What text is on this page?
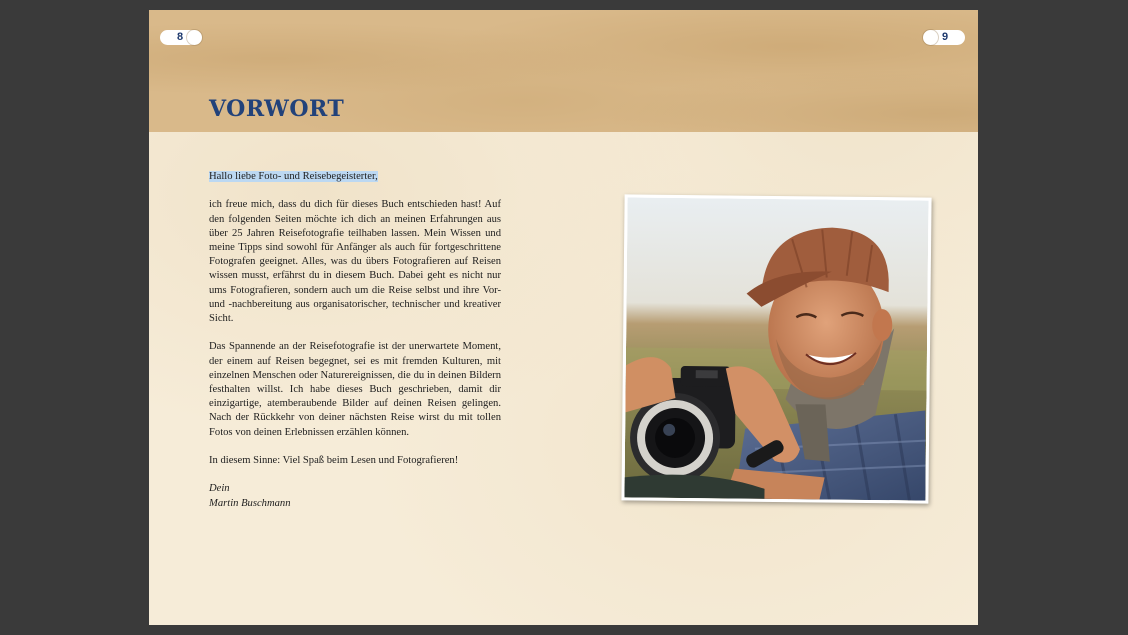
8	9
VORWORT

Hallo liebe Foto- und Reisebegeisterter,

ich freue mich, dass du dich für dieses Buch entschieden hast! Auf den folgenden Seiten möchte ich dich an meinen Erfahrungen aus über 25 Jahren Reisefotografie teilhaben lassen. Mein Wissen und meine Tipps sind sowohl für Anfänger als auch für fortgeschrittene Fotografen geeignet. Alles, was du übers Fotografieren auf Reisen wissen musst, erfährst du in diesem Buch. Dabei geht es nicht nur ums Fotografieren, sondern auch um die Reise selbst und ihre Vor- und -nachbereitung aus organisatorischer, technischer und kreativer Sicht.

Das Spannende an der Reisefotografie ist der unerwartete Moment, der einem auf Reisen begegnet, sei es mit fremden Kulturen, mit einzelnen Menschen oder Naturereignissen, die du in deinen Bildern festhalten willst. Ich habe dieses Buch geschrieben, damit dir einzigartige, atemberaubende Bilder auf deinen Reisen gelingen. Nach der Rückkehr von deiner nächsten Reise wirst du mit tollen Fotos von deinen Erlebnissen erzählen können.

In diesem Sinne: Viel Spaß beim Lesen und Fotografieren!

Dein
Martin Buschmann
